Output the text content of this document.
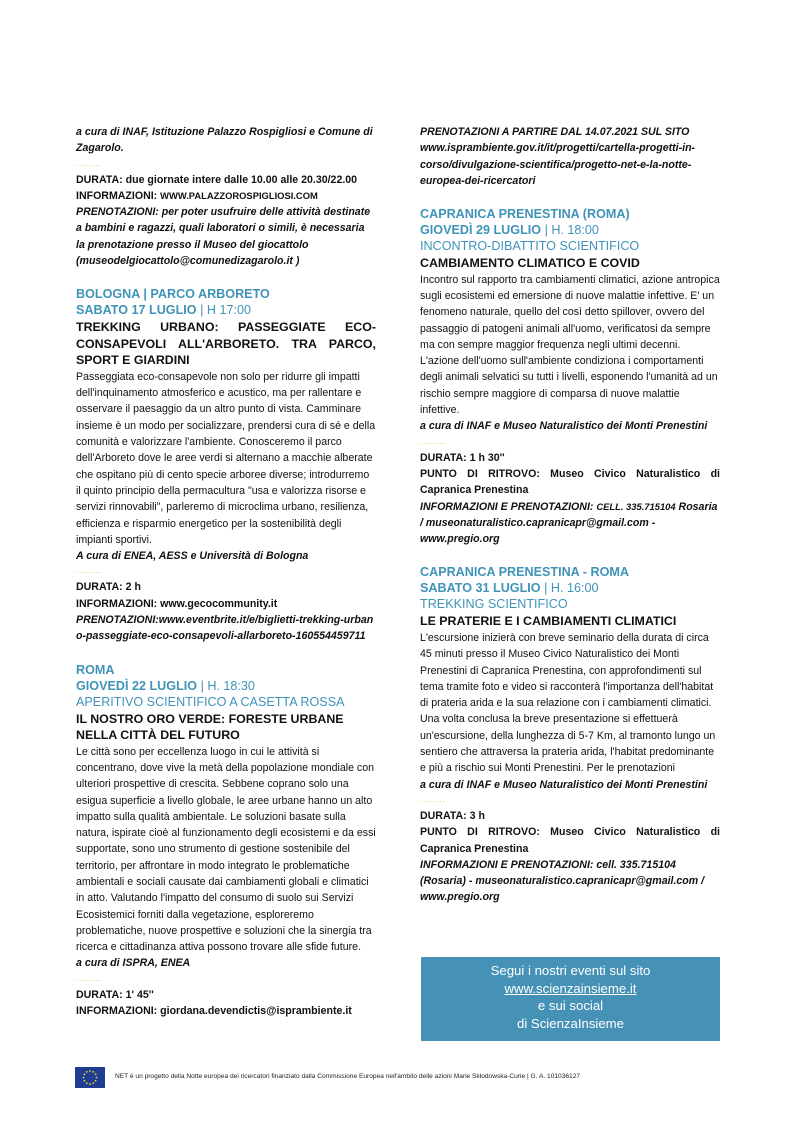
a cura di INAF, Istituzione Palazzo Rospigliosi e Comune di Zagarolo.

........

DURATA: due giornate intere dalle 10.00 alle 20.30/22.00

INFORMAZIONI: WWW.PALAZZOROSPIGLIOSI.COM

PRENOTAZIONI: per poter usufruire delle attività destinate a bambini e ragazzi, quali laboratori o simili, è necessaria la prenotazione presso il Museo del giocattolo (museodelgiocattolo@comunedizagarolo.it )

BOLOGNA | PARCO ARBORETO
SABATO 17 LUGLIO | H 17:00

TREKKING URBANO: PASSEGGIATE ECO-CONSAPEVOLI ALL'ARBORETO. TRA PARCO, SPORT E GIARDINI

Passeggiata eco-consapevole non solo per ridurre gli impatti dell'inquinamento atmosferico e acustico, ma per rallentare e osservare il paesaggio da un altro punto di vista. Camminare insieme è un modo per socializzare, prendersi cura di sé e della comunità e valorizzare l'ambiente. Conosceremo il parco dell'Arboreto dove le aree verdi si alternano a macchie alberate che ospitano più di cento specie arboree diverse; introdurremo il quinto principio della permacultura "usa e valorizza risorse e servizi rinnovabili", parleremo di microclima urbano, resilienza, efficienza e risparmio energetico per la sostenibilità degli impianti sportivi.

A cura di ENEA, AESS e Università di Bologna

........

DURATA: 2 h

INFORMAZIONI: www.gecocommunity.it

PRENOTAZIONI:www.eventbrite.it/e/biglietti-trekking-urbano-passeggiate-eco-consapevoli-allarboreto-160554459711

ROMA
GIOVEDÌ 22 LUGLIO | H. 18:30
APERITIVO SCIENTIFICO A CASETTA ROSSA

IL NOSTRO ORO VERDE: FORESTE URBANE NELLA CITTÀ DEL FUTURO

Le città sono per eccellenza luogo in cui le attività si concentrano, dove vive la metà della popolazione mondiale con ulteriori prospettive di crescita. Sebbene coprano solo una esigua superficie a livello globale, le aree urbane hanno un alto impatto sulla qualità ambientale. Le soluzioni basate sulla natura, ispirate cioè al funzionamento degli ecosistemi e da essi supportate, sono uno strumento di gestione sostenibile del territorio, per affrontare in modo integrato le problematiche ambientali e sociali causate dai cambiamenti globali e climatici in atto. Valutando l'impatto del consumo di suolo sui Servizi Ecosistemici forniti dalla vegetazione, esploreremo problematiche, nuove prospettive e soluzioni che la sinergia tra ricerca e cittadinanza attiva possono trovare alle sfide future.

a cura di ISPRA, ENEA

........

DURATA: 1' 45''

INFORMAZIONI: giordana.devendictis@isprambiente.it

PRENOTAZIONI A PARTIRE DAL 14.07.2021 SUL SITO www.isprambiente.gov.it/it/progetti/cartella-progetti-in-corso/divulgazione-scientifica/progetto-net-e-la-notte-europea-dei-ricercatori

CAPRANICA PRENESTINA (ROMA)
GIOVEDÌ 29 LUGLIO | H. 18:00
INCONTRO-DIBATTITO SCIENTIFICO

CAMBIAMENTO CLIMATICO E COVID

Incontro sul rapporto tra cambiamenti climatici, azione antropica sugli ecosistemi ed emersione di nuove malattie infettive. E' un fenomeno naturale, quello del così detto spillover, ovvero del passaggio di patogeni animali all'uomo, verificatosi da sempre ma con sempre maggior frequenza negli ultimi decenni. L'azione dell'uomo sull'ambiente condiziona i comportamenti degli animali selvatici su tutti i livelli, esponendo l'umanità ad un rischio sempre maggiore di comparsa di nuove malattie infettive.

a cura di INAF e Museo Naturalistico dei Monti Prenestini

........

DURATA: 1 h 30''

PUNTO DI RITROVO: Museo Civico Naturalistico di Capranica Prenestina

INFORMAZIONI E PRENOTAZIONI: CELL. 335.715104 Rosaria / museonaturalistico.capranicapr@gmail.com - www.pregio.org

CAPRANICA PRENESTINA - ROMA
SABATO 31 LUGLIO | H. 16:00
TREKKING SCIENTIFICO

LE PRATERIE E I CAMBIAMENTI CLIMATICI

L'escursione inizierà con breve seminario della durata di circa 45 minuti presso il Museo Civico Naturalistico dei Monti Prenestini di Capranica Prenestina, con approfondimenti sul tema tramite foto e video si racconterà l'importanza dell'habitat di prateria arida e la sua relazione con i cambiamenti climatici. Una volta conclusa la breve presentazione si effettuerà un'escursione, della lunghezza di 5-7 Km, al tramonto lungo un sentiero che attraversa la prateria arida, l'habitat predominante e più a rischio sui Monti Prenestini. Per le prenotazioni

a cura di INAF e Museo Naturalistico dei Monti Prenestini

........

DURATA: 3 h

PUNTO DI RITROVO: Museo Civico Naturalistico di Capranica Prenestina

INFORMAZIONI E PRENOTAZIONI: cell. 335.715104 (Rosaria) - museonaturalistico.capranicapr@gmail.com / www.pregio.org

Segui i nostri eventi sul sito
www.scienzainsieme.it
e sui social
di ScienzaInsieme
NET è un progetto della Notte europea dei ricercatori finanziato dalla Commissione Europea nell'ambito delle azioni Marie Skłodowska-Curie | G. A. 101036127
